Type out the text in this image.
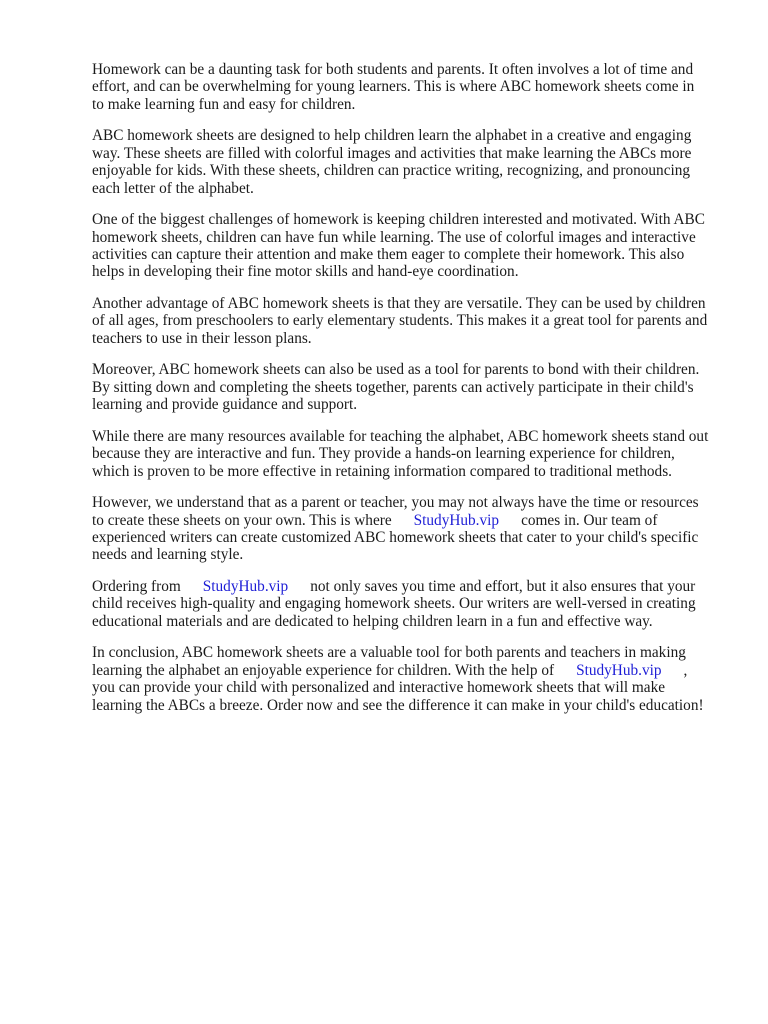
Homework can be a daunting task for both students and parents. It often involves a lot of time and
effort, and can be overwhelming for young learners. This is where ABC homework sheets come in
to make learning fun and easy for children.

ABC homework sheets are designed to help children learn the alphabet in a creative and engaging
way. These sheets are filled with colorful images and activities that make learning the ABCs more
enjoyable for kids. With these sheets, children can practice writing, recognizing, and pronouncing
each letter of the alphabet.

One of the biggest challenges of homework is keeping children interested and motivated. With ABC
homework sheets, children can have fun while learning. The use of colorful images and interactive
activities can capture their attention and make them eager to complete their homework. This also
helps in developing their fine motor skills and hand-eye coordination.

Another advantage of ABC homework sheets is that they are versatile. They can be used by children
of all ages, from preschoolers to early elementary students. This makes it a great tool for parents and
teachers to use in their lesson plans.

Moreover, ABC homework sheets can also be used as a tool for parents to bond with their children.
By sitting down and completing the sheets together, parents can actively participate in their child's
learning and provide guidance and support.

While there are many resources available for teaching the alphabet, ABC homework sheets stand out
because they are interactive and fun. They provide a hands-on learning experience for children,
which is proven to be more effective in retaining information compared to traditional methods.

However, we understand that as a parent or teacher, you may not always have the time or resources
to create these sheets on your own. This is where StudyHub.vip comes in. Our team of
experienced writers can create customized ABC homework sheets that cater to your child's specific
needs and learning style.

Ordering from StudyHub.vip not only saves you time and effort, but it also ensures that your
child receives high-quality and engaging homework sheets. Our writers are well-versed in creating
educational materials and are dedicated to helping children learn in a fun and effective way.

In conclusion, ABC homework sheets are a valuable tool for both parents and teachers in making
learning the alphabet an enjoyable experience for children. With the help of StudyHub.vip ,
you can provide your child with personalized and interactive homework sheets that will make
learning the ABCs a breeze. Order now and see the difference it can make in your child's education!
